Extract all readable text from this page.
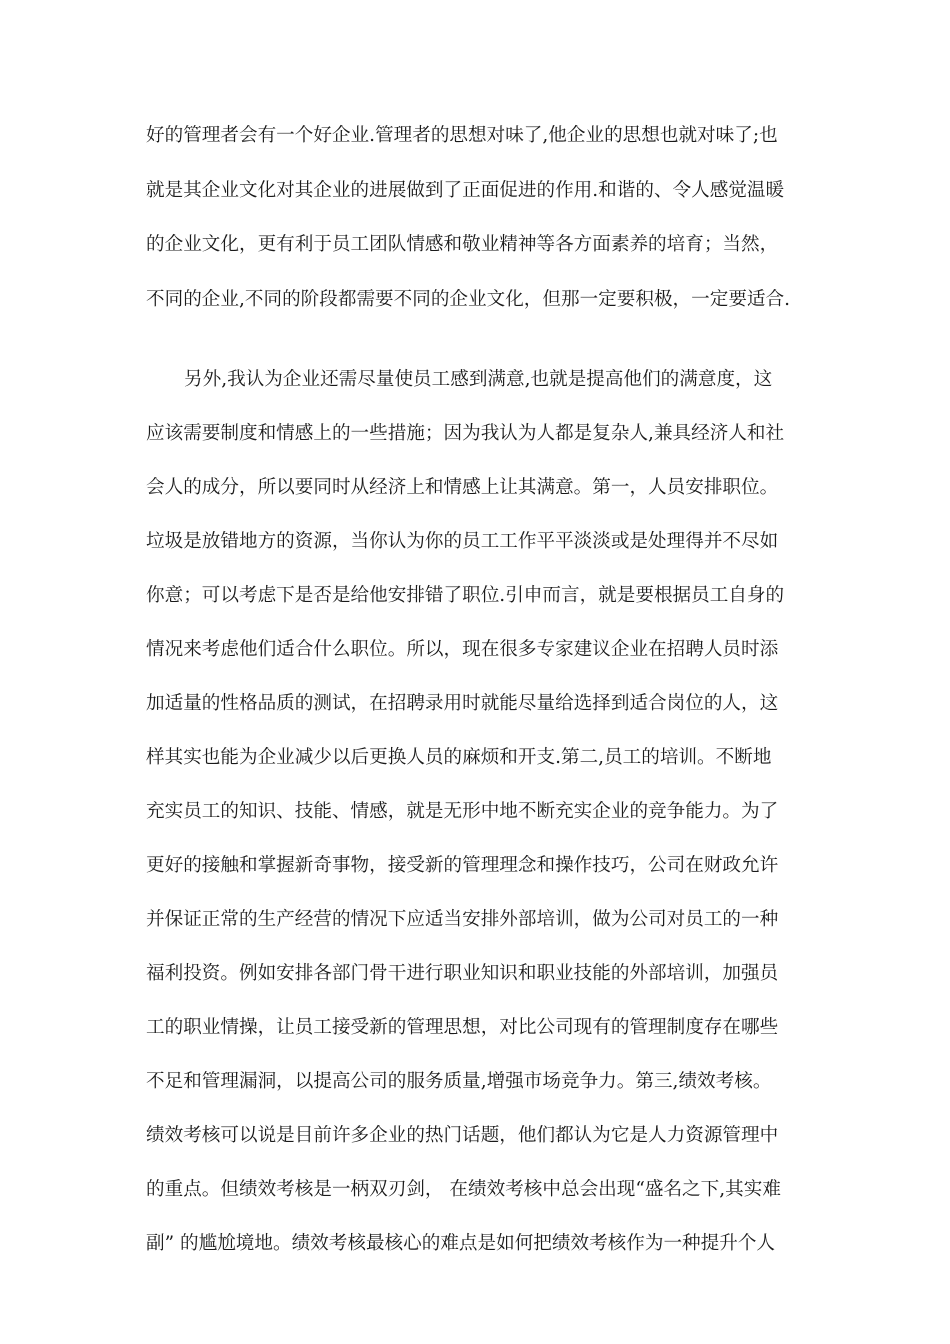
好的管理者会有一个好企业.管理者的思想对味了,他企业的思想也就对味了;也
就是其企业文化对其企业的进展做到了正面促进的作用.和谐的、令人感觉温暖
的企业文化，更有利于员工团队情感和敬业精神等各方面素养的培育；当然，
不同的企业,不同的阶段都需要不同的企业文化，但那一定要积极，一定要适合.
另外,我认为企业还需尽量使员工感到满意,也就是提高他们的满意度，这
应该需要制度和情感上的一些措施；因为我认为人都是复杂人,兼具经济人和社
会人的成分，所以要同时从经济上和情感上让其满意。第一，人员安排职位。
垃圾是放错地方的资源，当你认为你的员工工作平平淡淡或是处理得并不尽如
你意；可以考虑下是否是给他安排错了职位.引申而言，就是要根据员工自身的
情况来考虑他们适合什么职位。所以，现在很多专家建议企业在招聘人员时添
加适量的性格品质的测试，在招聘录用时就能尽量给选择到适合岗位的人，这
样其实也能为企业减少以后更换人员的麻烦和开支.第二,员工的培训。不断地
充实员工的知识、技能、情感，就是无形中地不断充实企业的竞争能力。为了
更好的接触和掌握新奇事物，接受新的管理理念和操作技巧，公司在财政允许
并保证正常的生产经营的情况下应适当安排外部培训，做为公司对员工的一种
福利投资。例如安排各部门骨干进行职业知识和职业技能的外部培训，加强员
工的职业情操，让员工接受新的管理思想，对比公司现有的管理制度存在哪些
不足和管理漏洞，以提高公司的服务质量,增强市场竞争力。第三,绩效考核。
绩效考核可以说是目前许多企业的热门话题，他们都认为它是人力资源管理中
的重点。但绩效考核是一柄双刃剑， 在绩效考核中总会出现“盛名之下,其实难
副” 的尴尬境地。绩效考核最核心的难点是如何把绩效考核作为一种提升个人
